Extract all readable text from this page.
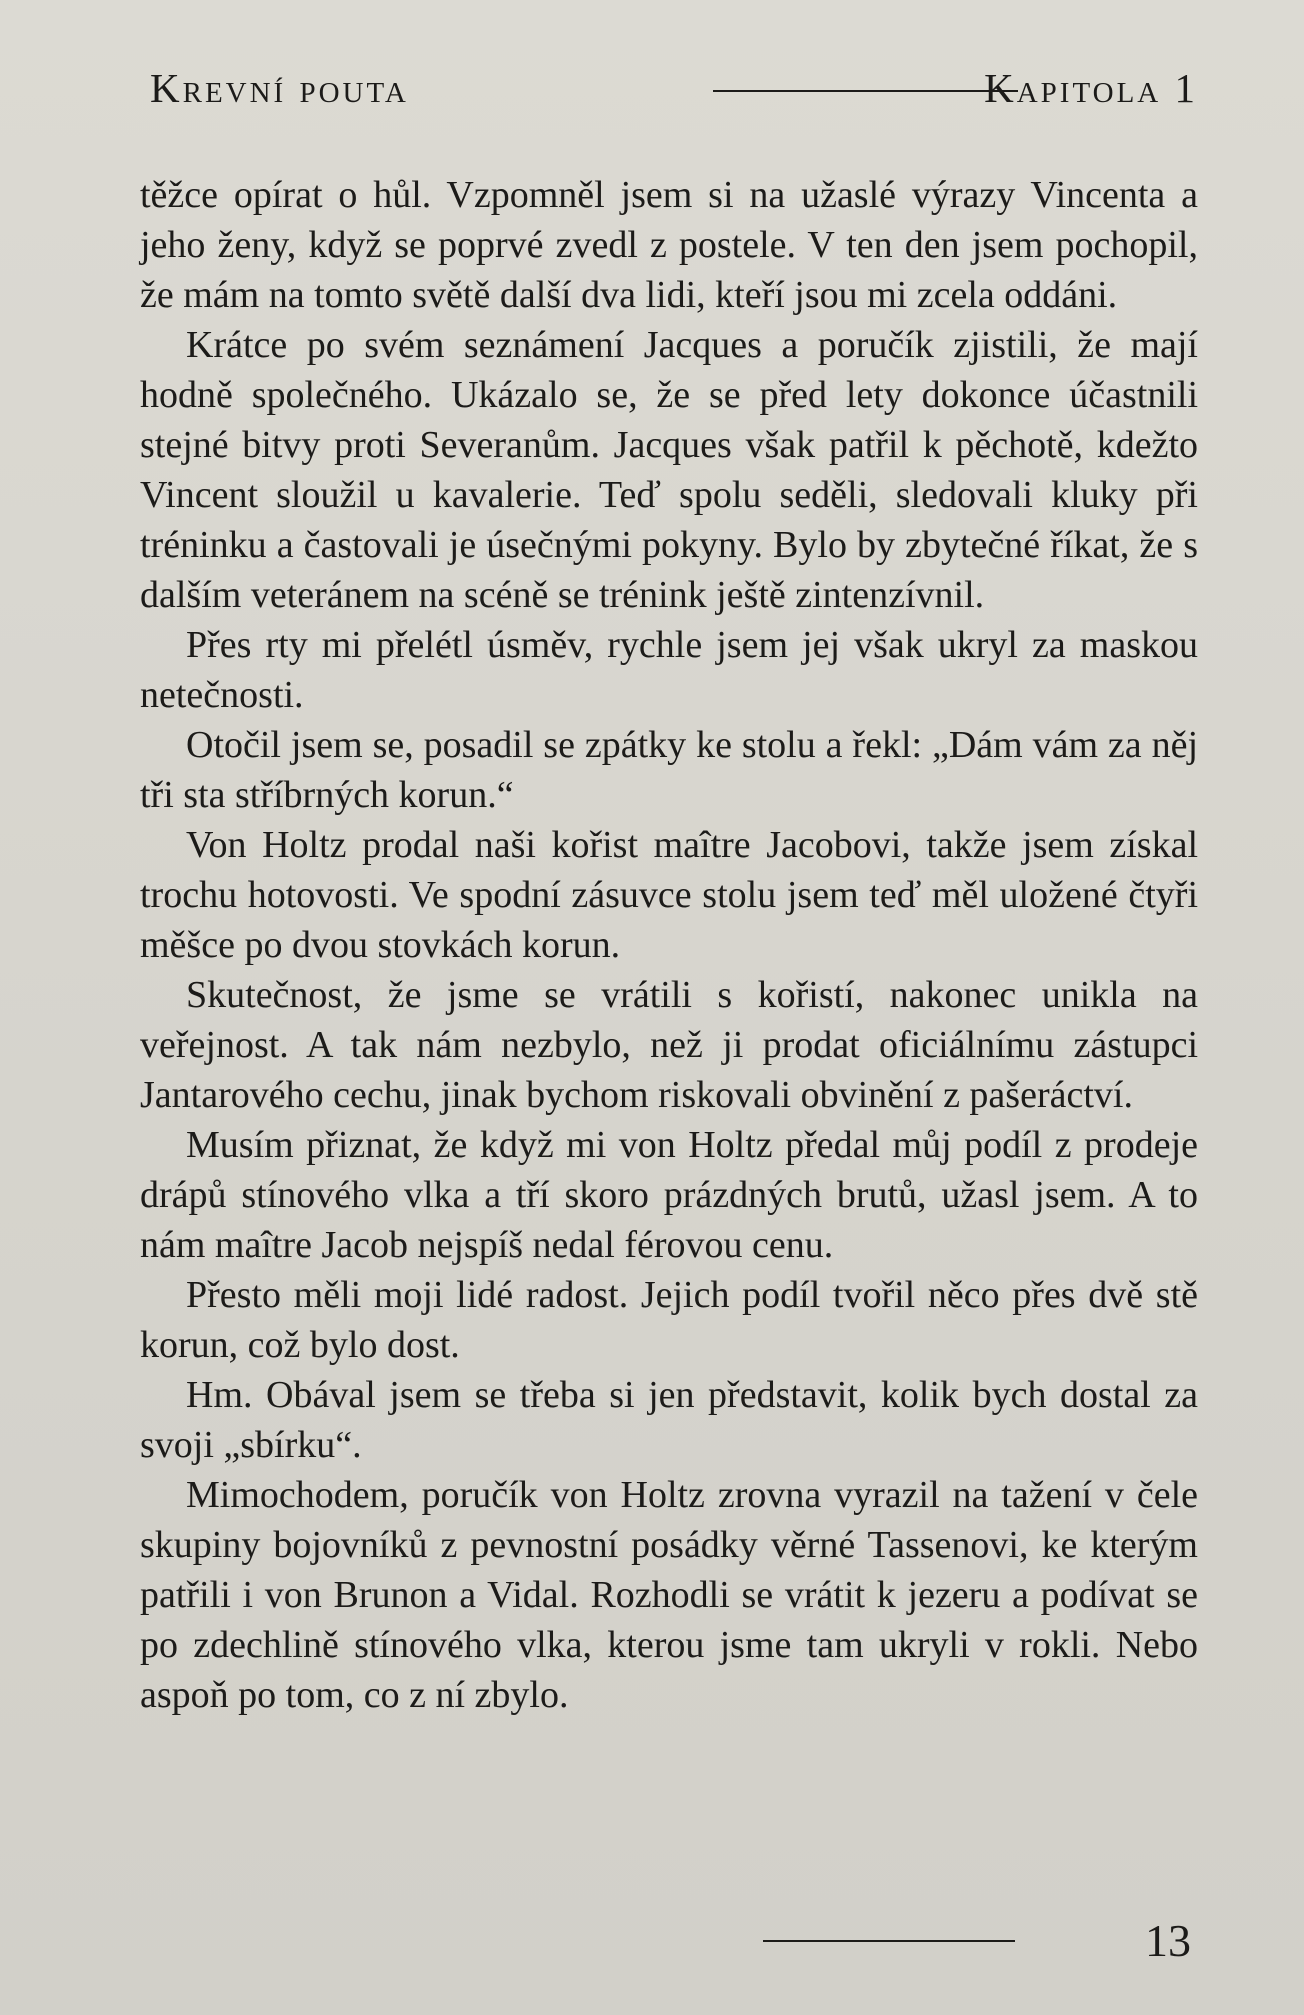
Krevní pouta	Kapitola 1

těžce opírat o hůl. Vzpomněl jsem si na užaslé výrazy Vincenta a jeho ženy, když se poprvé zvedl z postele. V ten den jsem pochopil, že mám na tomto světě další dva lidi, kteří jsou mi zcela oddáni.

Krátce po svém seznámení Jacques a poručík zjistili, že mají hodně společného. Ukázalo se, že se před lety dokonce účastnili stejné bitvy proti Severanům. Jacques však patřil k pěchotě, kdežto Vincent sloužil u kavalerie. Teď spolu seděli, sledovali kluky při tréninku a častovali je úsečnými pokyny. Bylo by zbytečné říkat, že s dalším veteránem na scéně se trénink ještě zintenzívnil.

Přes rty mi přelétl úsměv, rychle jsem jej však ukryl za maskou netečnosti.

Otočil jsem se, posadil se zpátky ke stolu a řekl: „Dám vám za něj tři sta stříbrných korun.“

Von Holtz prodal naši kořist maître Jacobovi, takže jsem získal trochu hotovosti. Ve spodní zásuvce stolu jsem teď měl uložené čtyři měšce po dvou stovkách korun.

Skutečnost, že jsme se vrátili s kořistí, nakonec unikla na veřejnost. A tak nám nezbylo, než ji prodat oficiálnímu zástupci Jantarového cechu, jinak bychom riskovali obvinění z pašeráctví.

Musím přiznat, že když mi von Holtz předal můj podíl z prodeje drápů stínového vlka a tří skoro prázdných brutů, užasl jsem. A to nám maître Jacob nejspíš nedal férovou cenu.

Přesto měli moji lidé radost. Jejich podíl tvořil něco přes dvě stě korun, což bylo dost.

Hm. Obával jsem se třeba si jen představit, kolik bych dostal za svoji „sbírku“.

Mimochodem, poručík von Holtz zrovna vyrazil na tažení v čele skupiny bojovníků z pevnostní posádky věrné Tassenovi, ke kterým patřili i von Brunon a Vidal. Rozhodli se vrátit k jezeru a podívat se po zdechlině stínového vlka, kterou jsme tam ukryli v rokli. Nebo aspoň po tom, co z ní zbylo.

13
